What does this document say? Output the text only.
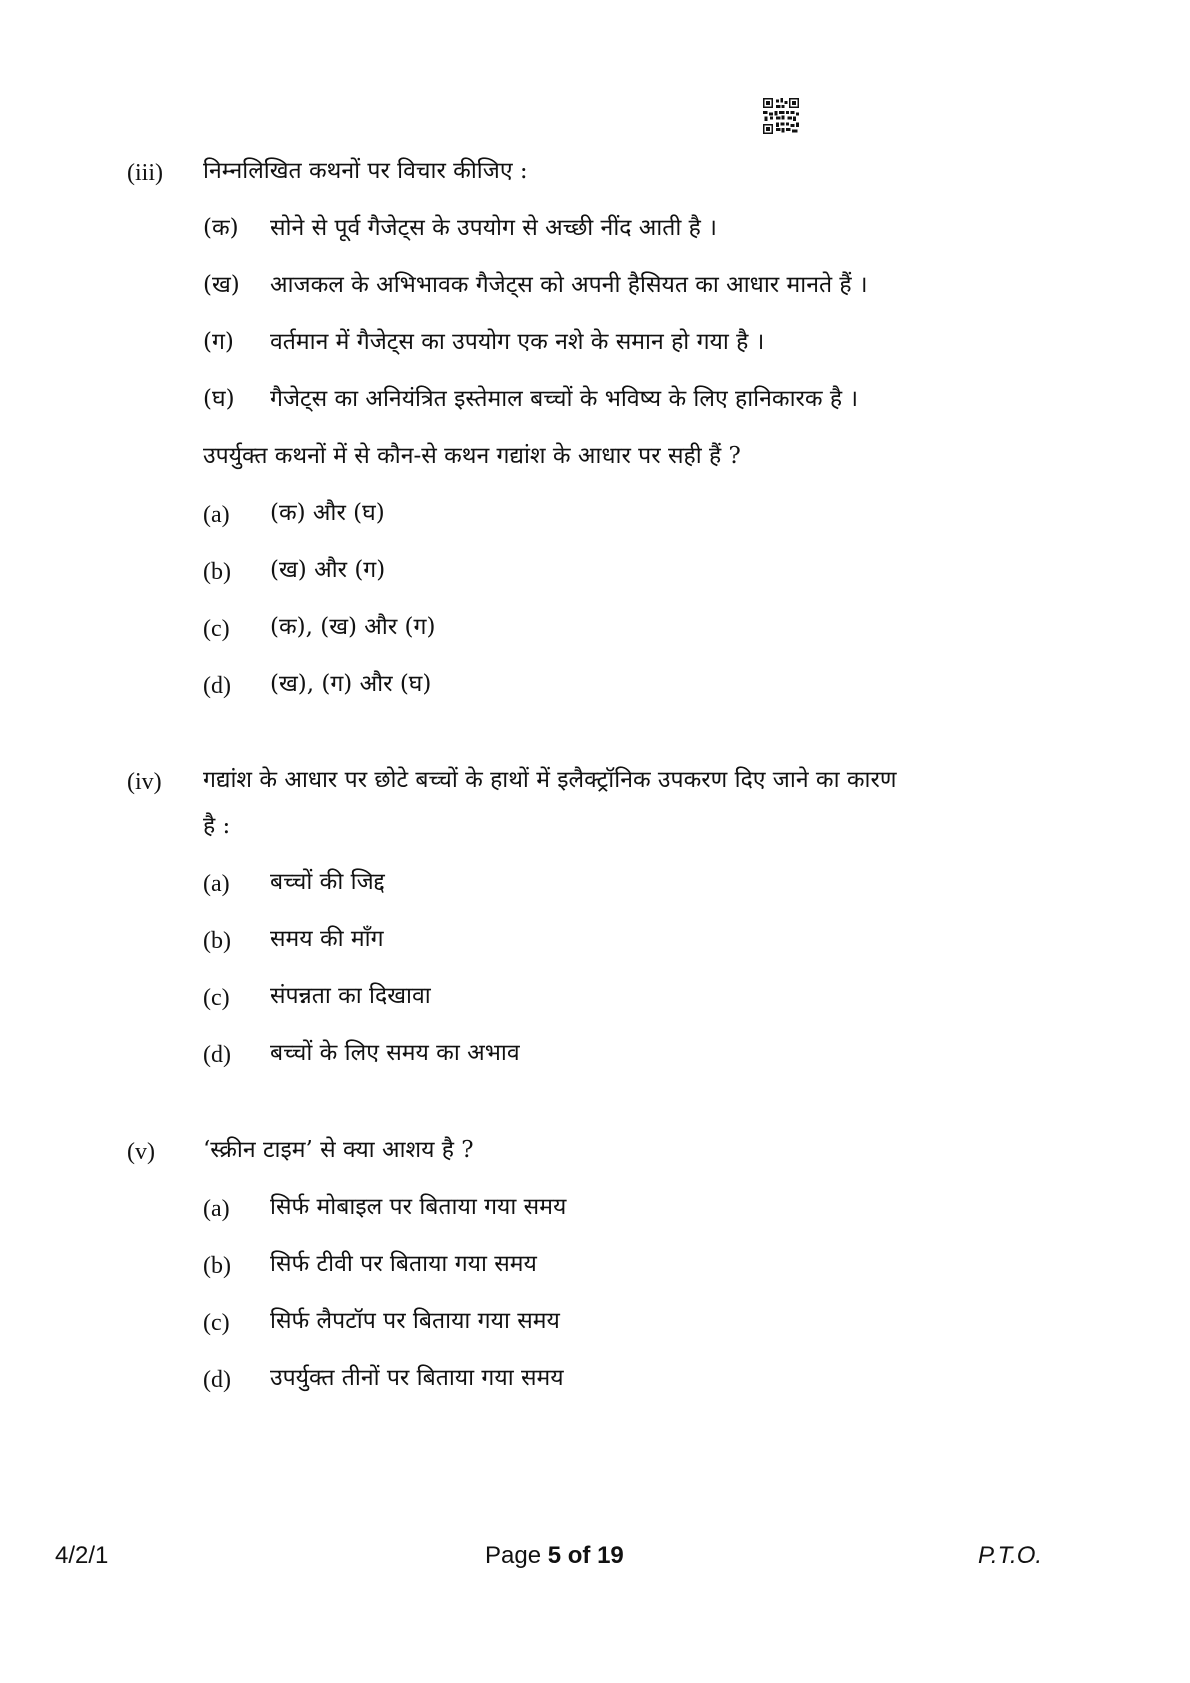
(iii) निम्नलिखित कथनों पर विचार कीजिए :
(क) सोने से पूर्व गैजेट्स के उपयोग से अच्छी नींद आती है ।
(ख) आजकल के अभिभावक गैजेट्स को अपनी हैसियत का आधार मानते हैं ।
(ग) वर्तमान में गैजेट्स का उपयोग एक नशे के समान हो गया है ।
(घ) गैजेट्स का अनियंत्रित इस्तेमाल बच्चों के भविष्य के लिए हानिकारक है ।
उपर्युक्त कथनों में से कौन-से कथन गद्यांश के आधार पर सही हैं ?
(a) (क) और (घ)
(b) (ख) और (ग)
(c) (क), (ख) और (ग)
(d) (ख), (ग) और (घ)
(iv) गद्यांश के आधार पर छोटे बच्चों के हाथों में इलैक्ट्रॉनिक उपकरण दिए जाने का कारण
है :
(a) बच्चों की जिद्द
(b) समय की माँग
(c) संपन्नता का दिखावा
(d) बच्चों के लिए समय का अभाव
(v) ‘स्क्रीन टाइम’ से क्या आशय है ?
(a) सिर्फ मोबाइल पर बिताया गया समय
(b) सिर्फ टीवी पर बिताया गया समय
(c) सिर्फ लैपटॉप पर बिताया गया समय
(d) उपर्युक्त तीनों पर बिताया गया समय
4/2/1	Page 5 of 19	P.T.O.
